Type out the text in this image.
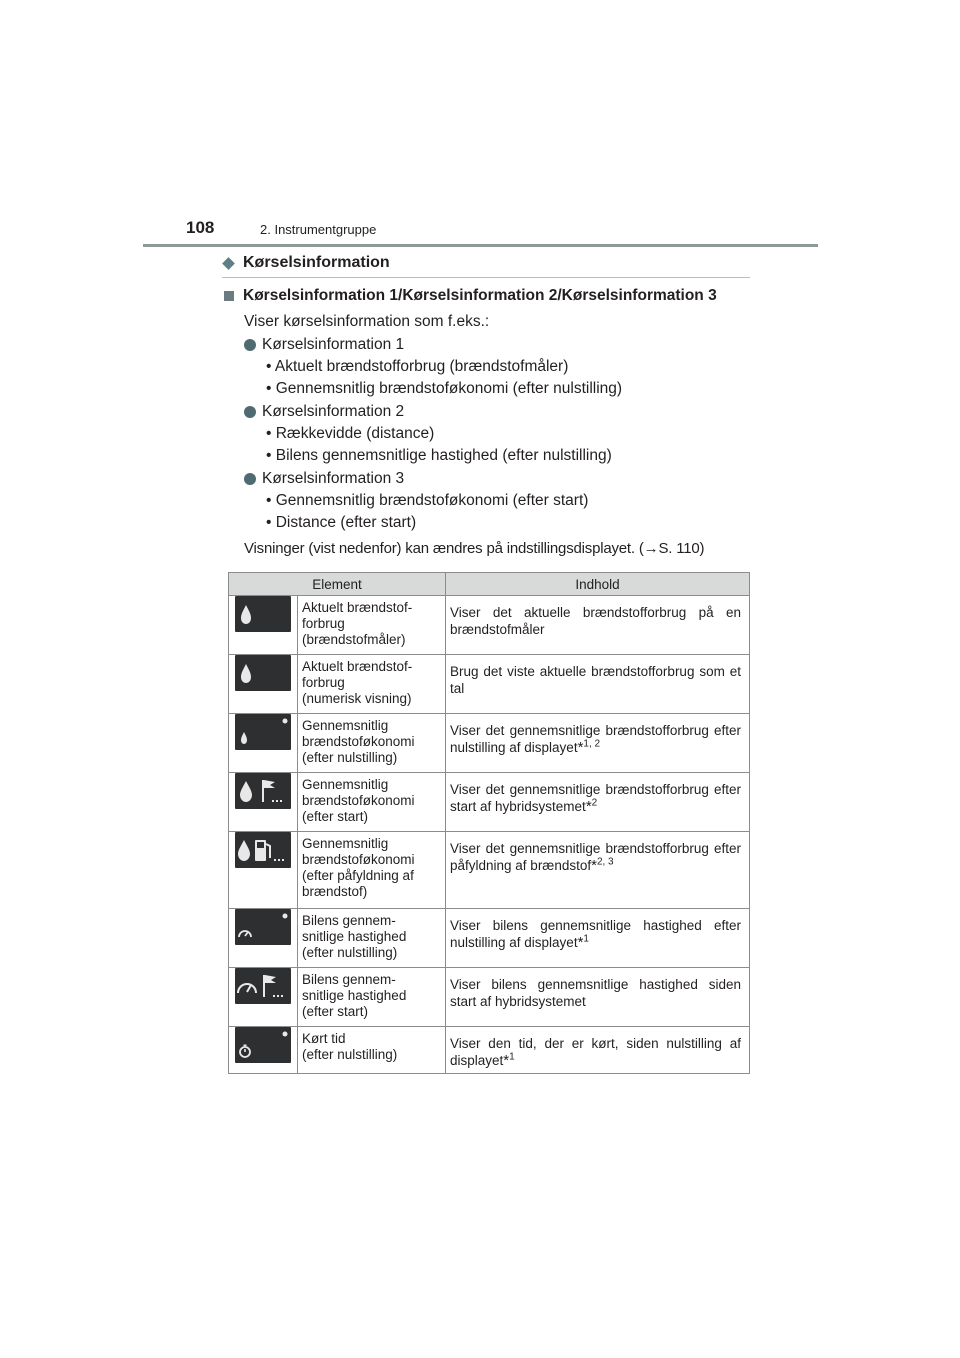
108	2. Instrumentgruppe
Kørselsinformation
Kørselsinformation 1/Kørselsinformation 2/Kørselsinformation 3
Viser kørselsinformation som f.eks.:
Kørselsinformation 1
• Aktuelt brændstofforbrug (brændstofmåler)
• Gennemsnitlig brændstoføkonomi (efter nulstilling)
Kørselsinformation 2
• Rækkevidde (distance)
• Bilens gennemsnitlige hastighed (efter nulstilling)
Kørselsinformation 3
• Gennemsnitlig brændstoføkonomi (efter start)
• Distance (efter start)
Visninger (vist nedenfor) kan ændres på indstillingsdisplayet. (→S. 110)
Element		Indhold

Aktuelt brændstof-
forbrug
(brændstofmåler)	Viser det aktuelle brændstofforbrug på en brændstofmåler

Aktuelt brændstof-
forbrug
(numerisk visning)	Brug det viste aktuelle brændstofforbrug som et tal

Gennemsnitlig
brændstoføkonomi
(efter nulstilling)	Viser det gennemsnitlige brændstofforbrug efter nulstilling af displayet*$^{1, 2}$

Gennemsnitlig
brændstoføkonomi
(efter start)	Viser det gennemsnitlige brændstofforbrug efter start af hybridsystemet*$^2$

Gennemsnitlig
brændstoføkonomi
(efter påfyldning af
brændstof)	Viser det gennemsnitlige brændstofforbrug efter påfyldning af brændstof*$^{2, 3}$

Bilens gennem-
snitlige hastighed
(efter nulstilling)	Viser bilens gennemsnitlige hastighed efter nulstilling af displayet*$^1$

Bilens gennem-
snitlige hastighed
(efter start)	Viser bilens gennemsnitlige hastighed siden start af hybridsystemet

Kørt tid
(efter nulstilling)	Viser den tid, der er kørt, siden nulstilling af displayet*$^1$
